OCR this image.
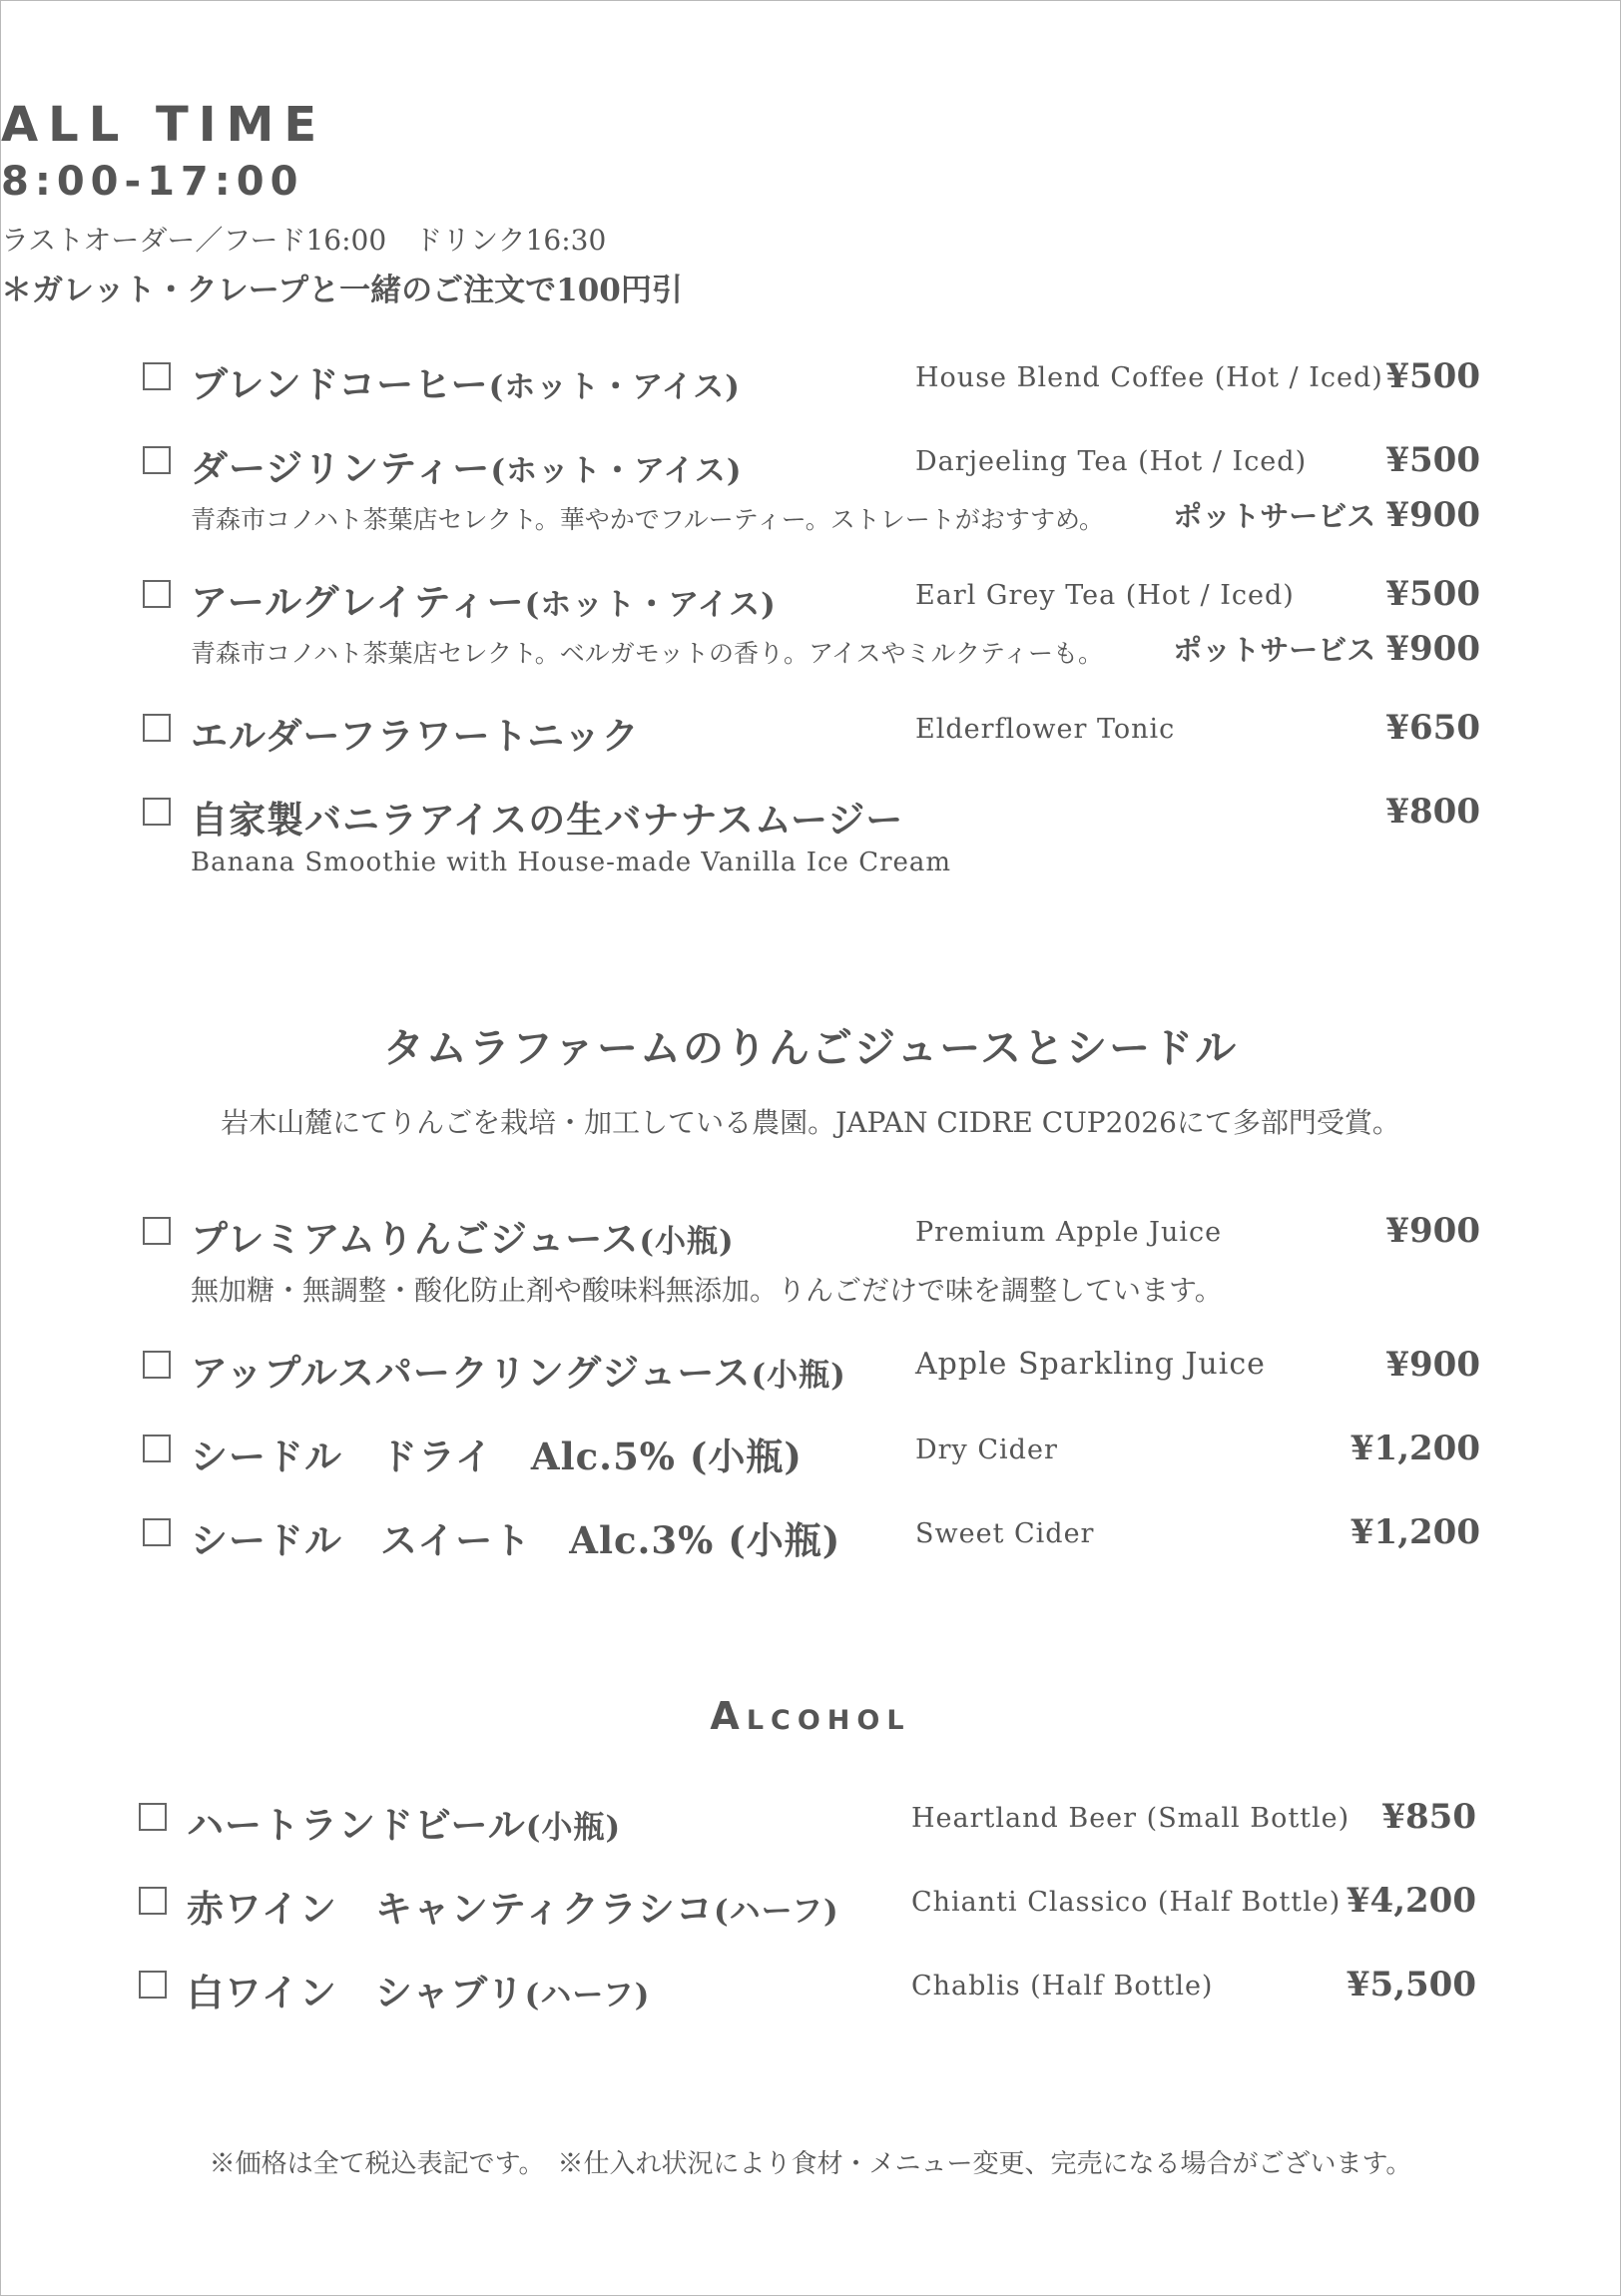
ALL TIME
8:00-17:00
ラストオーダー／フード16:00　ドリンク16:30
＊ガレット・クレープと一緒のご注文で100円引
ブレンドコーヒー(ホット・アイス)	House Blend Coffee (Hot / Iced) ¥500
ダージリンティー(ホット・アイス)	Darjeeling Tea (Hot / Iced) ¥500
青森市コノハト茶葉店セレクト。華やかでフルーティー。ストレートがおすすめ。 ポットサービス ¥900
アールグレイティー(ホット・アイス)	Earl Grey Tea (Hot / Iced)	¥500
青森市コノハト茶葉店セレクト。ベルガモットの香り。アイスやミルクティーも。 ポットサービス ¥900
エルダーフラワートニック	Elderflower Tonic	¥650
自家製バニラアイスの生バナナスムージー	¥800
Banana Smoothie with House-made Vanilla Ice Cream
タムラファームのりんごジュースとシードル
岩木山麓にてりんごを栽培・加工している農園。JAPAN CIDRE CUP2026にて多部門受賞。
プレミアムりんごジュース(小瓶)	Premium Apple Juice	¥900
無加糖・無調整・酸化防止剤や酸味料無添加。りんごだけで味を調整しています。
アップルスパークリングジュース(小瓶) Apple Sparkling Juice	¥900
シードル　ドライ　Alc.5% (小瓶)	Dry Cider	¥1,200
シードル　スイート　Alc.3% (小瓶)	Sweet Cider	¥1,200
Alcohol
ハートランドビール(小瓶)	Heartland Beer (Small Bottle) ¥850
赤ワイン　キャンティクラシコ(ハーフ)	Chianti Classico (Half Bottle) ¥4,200
白ワイン　シャブリ(ハーフ)	Chablis (Half Bottle)	¥5,500
※価格は全て税込表記です。　※仕入れ状況により食材・メニュー変更、完売になる場合がございます。
